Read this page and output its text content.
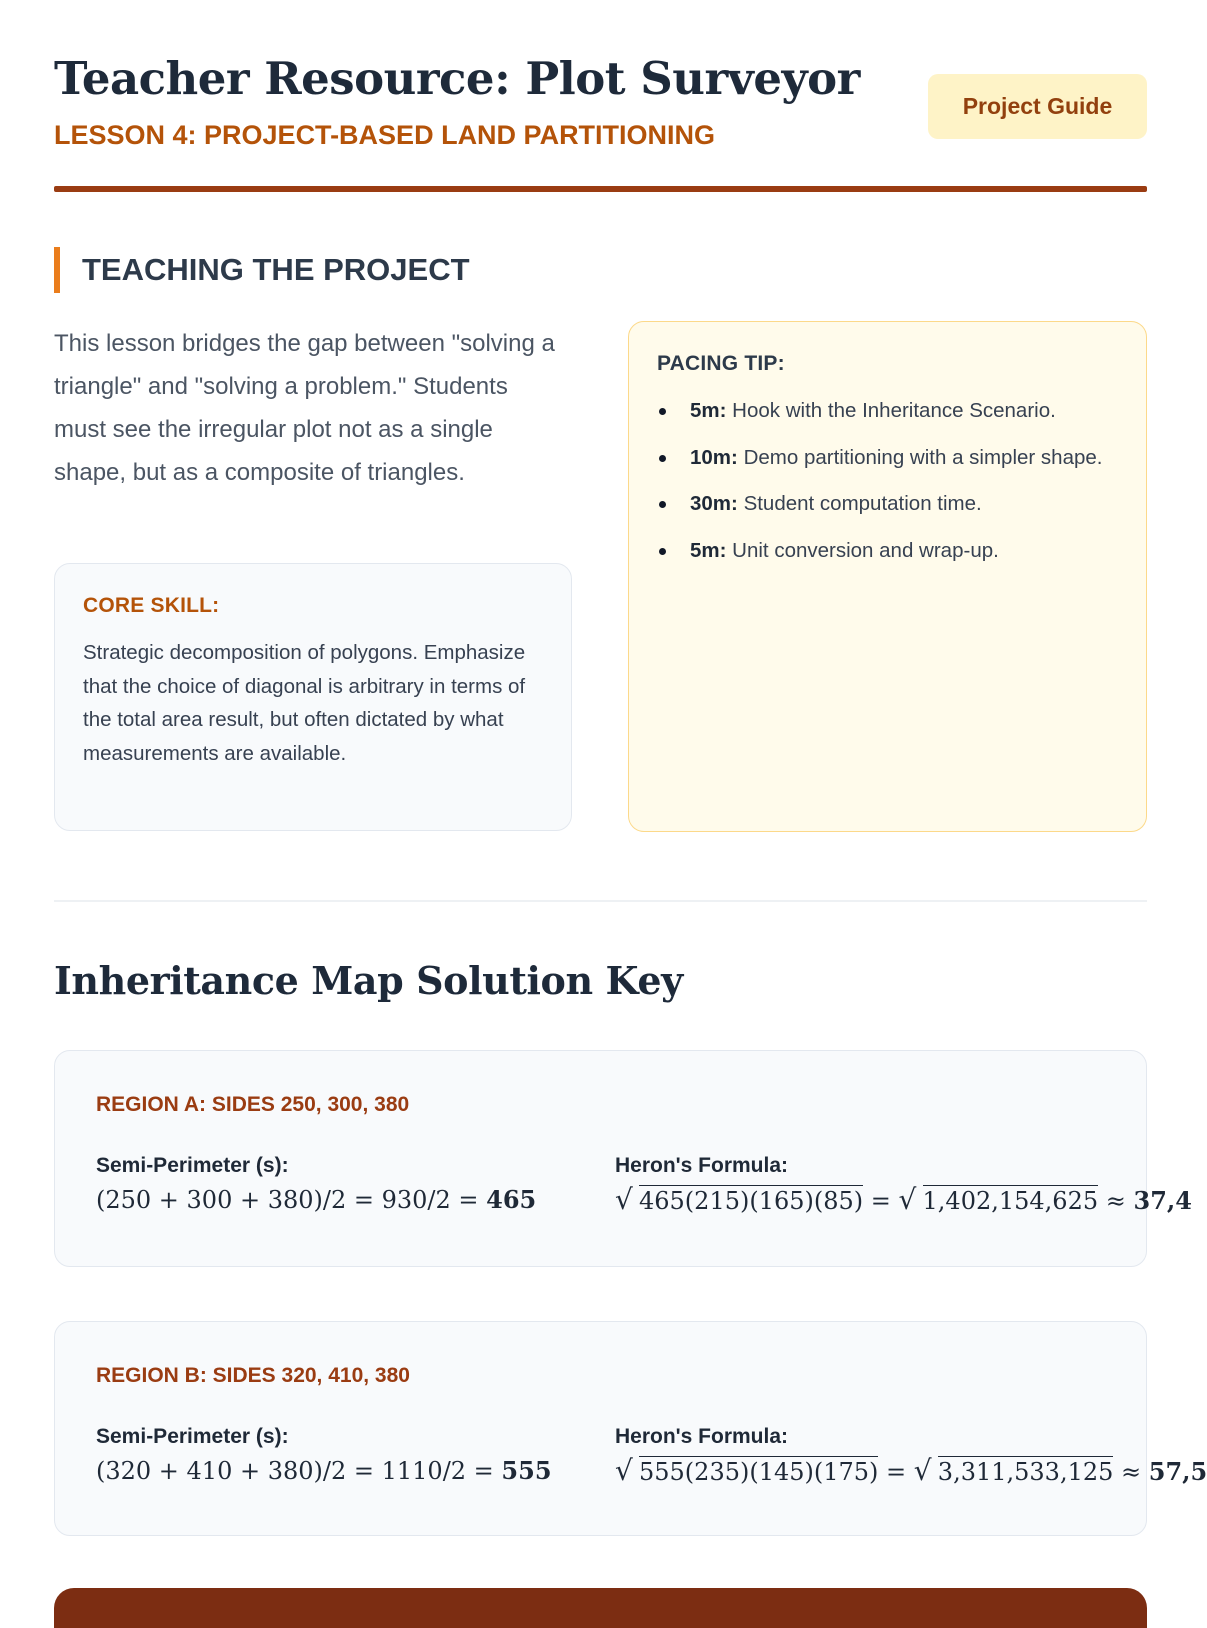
Teacher Resource: Plot Surveyor
LESSON 4: PROJECT-BASED LAND PARTITIONING
Project Guide
TEACHING THE PROJECT

This lesson bridges the gap between "solving a triangle" and "solving a problem." Students must see the irregular plot not as a single shape, but as a composite of triangles.

CORE SKILL:

Strategic decomposition of polygons. Emphasize that the choice of diagonal is arbitrary in terms of the total area result, but often dictated by what measurements are available.

PACING TIP:
5m: Hook with the Inheritance Scenario.
10m: Demo partitioning with a simpler shape.
30m: Student computation time.
5m: Unit conversion and wrap-up.
Inheritance Map Solution Key
REGION A: SIDES 250, 300, 380
Semi-Perimeter (s):
(250 + 300 + 380)/2 = 930/2 = 465
Heron's Formula:
√ 465(215)(165)(85) = √ 1,402,154,625 ≈ 37,4
REGION B: SIDES 320, 410, 380
Semi-Perimeter (s):
(320 + 410 + 380)/2 = 1110/2 = 555
Heron's Formula:
√ 555(235)(145)(175) = √ 3,311,533,125 ≈ 57,5
